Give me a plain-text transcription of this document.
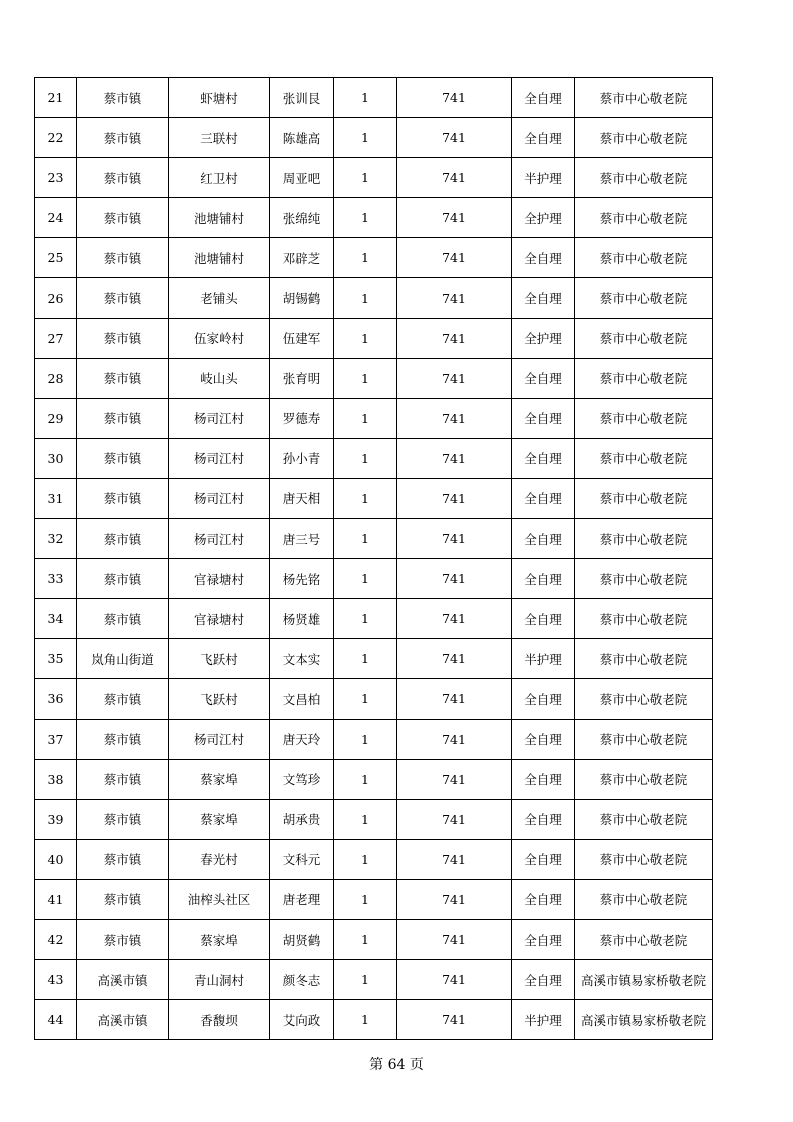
21	蔡市镇	虾塘村	张训艮	1	741	全自理	蔡市中心敬老院
22	蔡市镇	三联村	陈雄高	1	741	全自理	蔡市中心敬老院
23	蔡市镇	红卫村	周亚吧	1	741	半护理	蔡市中心敬老院
24	蔡市镇	池塘铺村	张绵纯	1	741	全护理	蔡市中心敬老院
25	蔡市镇	池塘铺村	邓辟芝	1	741	全自理	蔡市中心敬老院
26	蔡市镇	老铺头	胡锡鹤	1	741	全自理	蔡市中心敬老院
27	蔡市镇	伍家岭村	伍建军	1	741	全护理	蔡市中心敬老院
28	蔡市镇	岐山头	张育明	1	741	全自理	蔡市中心敬老院
29	蔡市镇	杨司江村	罗德寿	1	741	全自理	蔡市中心敬老院
30	蔡市镇	杨司江村	孙小青	1	741	全自理	蔡市中心敬老院
31	蔡市镇	杨司江村	唐天相	1	741	全自理	蔡市中心敬老院
32	蔡市镇	杨司江村	唐三号	1	741	全自理	蔡市中心敬老院
33	蔡市镇	官禄塘村	杨先铭	1	741	全自理	蔡市中心敬老院
34	蔡市镇	官禄塘村	杨贤雄	1	741	全自理	蔡市中心敬老院
35	岚角山街道	飞跃村	文本实	1	741	半护理	蔡市中心敬老院
36	蔡市镇	飞跃村	文昌柏	1	741	全自理	蔡市中心敬老院
37	蔡市镇	杨司江村	唐天玲	1	741	全自理	蔡市中心敬老院
38	蔡市镇	蔡家埠	文笃珍	1	741	全自理	蔡市中心敬老院
39	蔡市镇	蔡家埠	胡承贵	1	741	全自理	蔡市中心敬老院
40	蔡市镇	春光村	文科元	1	741	全自理	蔡市中心敬老院
41	蔡市镇	油榨头社区	唐老理	1	741	全自理	蔡市中心敬老院
42	蔡市镇	蔡家埠	胡贤鹤	1	741	全自理	蔡市中心敬老院
43	高溪市镇	青山洞村	颜冬志	1	741	全自理	高溪市镇易家桥敬老院
44	高溪市镇	香馥坝	艾向政	1	741	半护理	高溪市镇易家桥敬老院
第 64 页
